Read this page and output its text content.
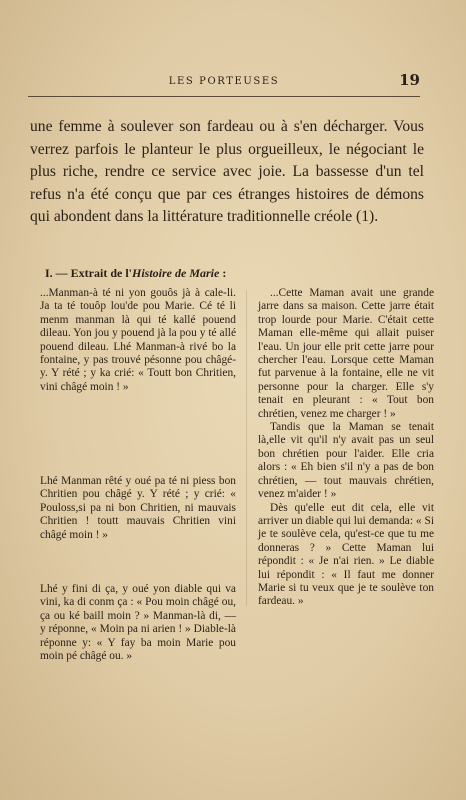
LES PORTEUSES	19

une femme à soulever son fardeau ou à s'en décharger. Vous verrez parfois le planteur le plus orgueilleux, le négociant le plus riche, rendre ce service avec joie. La bassesse d'un tel refus n'a été conçu que par ces étranges histoires de démons qui abondent dans la littérature traditionnelle créole (1).

I. — Extrait de l'Histoire de Marie :

...Manman-à té ni yon gouôs jà à cale-li. Ja ta té touôp lou'de pou Marie. Cé té li menm manman là qui té kallé pouend dileau. Yon jou y pouend jà la pou y té allé pouend dileau. Lhé Manman-à rivé bo la fontaine, y pas trouvé pésonne pou châgé-y. Y rété ; y ka crié: « Toutt bon Chritien, vini châgé moin ! »

Lhé Manman rêté y oué pa té ni piess bon Chritien pou châgé y. Y rété ; y crié: « Pouloss,si pa ni bon Chritien, ni mauvais Chritien ! toutt mauvais Chritien vini châgé moin ! »

Lhé y fini di ça, y oué yon diable qui va vini, ka di conm ça : « Pou moin châgé ou, ça ou ké baill moin ? » Manman-là di, — y réponne, « Moin pa ni arien ! » Diable-là réponne y: « Y fay ba moin Marie pou moin pé châgé ou. »

...Cette Maman avait une grande jarre dans sa maison. Cette jarre était trop lourde pour Marie. C'était cette Maman elle-même qui allait puiser l'eau. Un jour elle prit cette jarre pour chercher l'eau. Lorsque cette Maman fut parvenue à la fontaine, elle ne vit personne pour la charger. Elle s'y tenait en pleurant : « Tout bon chrétien, venez me charger ! »

Tandis que la Maman se tenait là,elle vit qu'il n'y avait pas un seul bon chrétien pour l'aider. Elle cria alors : « Eh bien s'il n'y a pas de bon chrétien, — tout mauvais chrétien, venez m'aider ! »

Dès qu'elle eut dit cela, elle vit arriver un diable qui lui demanda: « Si je te soulève cela, qu'est-ce que tu me donneras ? » Cette Maman lui répondit : « Je n'ai rien. » Le diable lui répondit : « Il faut me donner Marie si tu veux que je te soulève ton fardeau. »
